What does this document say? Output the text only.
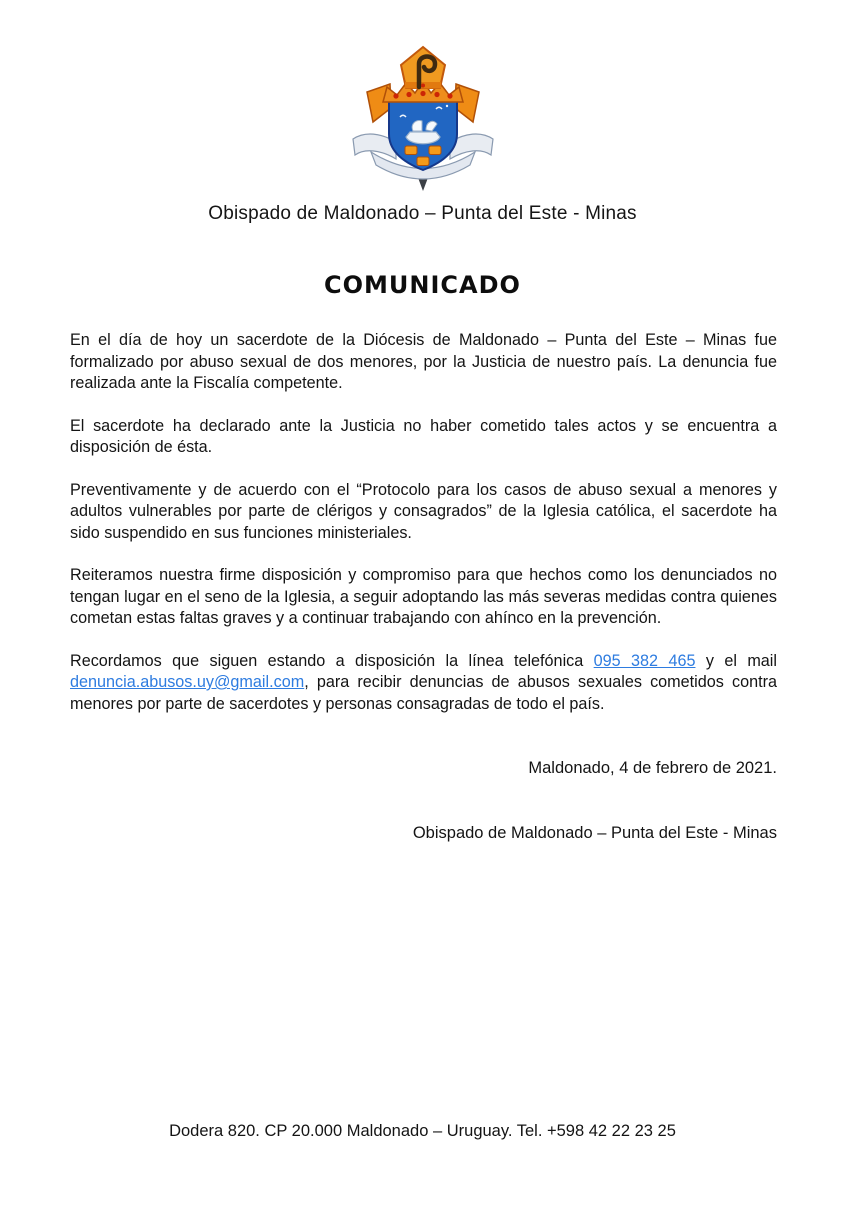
Obispado de Maldonado – Punta del Este - Minas
COMUNICADO

En el día de hoy un sacerdote de la Diócesis de Maldonado – Punta del Este – Minas fue formalizado por abuso sexual de dos menores, por la Justicia de nuestro país. La denuncia fue realizada ante la Fiscalía competente.

El sacerdote ha declarado ante la Justicia no haber cometido tales actos y se encuentra a disposición de ésta.

Preventivamente y de acuerdo con el “Protocolo para los casos de abuso sexual a menores y adultos vulnerables por parte de clérigos y consagrados” de la Iglesia católica, el sacerdote ha sido suspendido en sus funciones ministeriales.

Reiteramos nuestra firme disposición y compromiso para que hechos como los denunciados no tengan lugar en el seno de la Iglesia, a seguir adoptando las más severas medidas contra quienes cometan estas faltas graves y a continuar trabajando con ahínco en la prevención.

Recordamos que siguen estando a disposición la línea telefónica 095 382 465 y el mail denuncia.abusos.uy@gmail.com, para recibir denuncias de abusos sexuales cometidos contra menores por parte de sacerdotes y personas consagradas de todo el país.

Maldonado, 4 de febrero de 2021.
Obispado de Maldonado – Punta del Este - Minas
Dodera 820. CP 20.000 Maldonado – Uruguay. Tel. +598 42 22 23 25
